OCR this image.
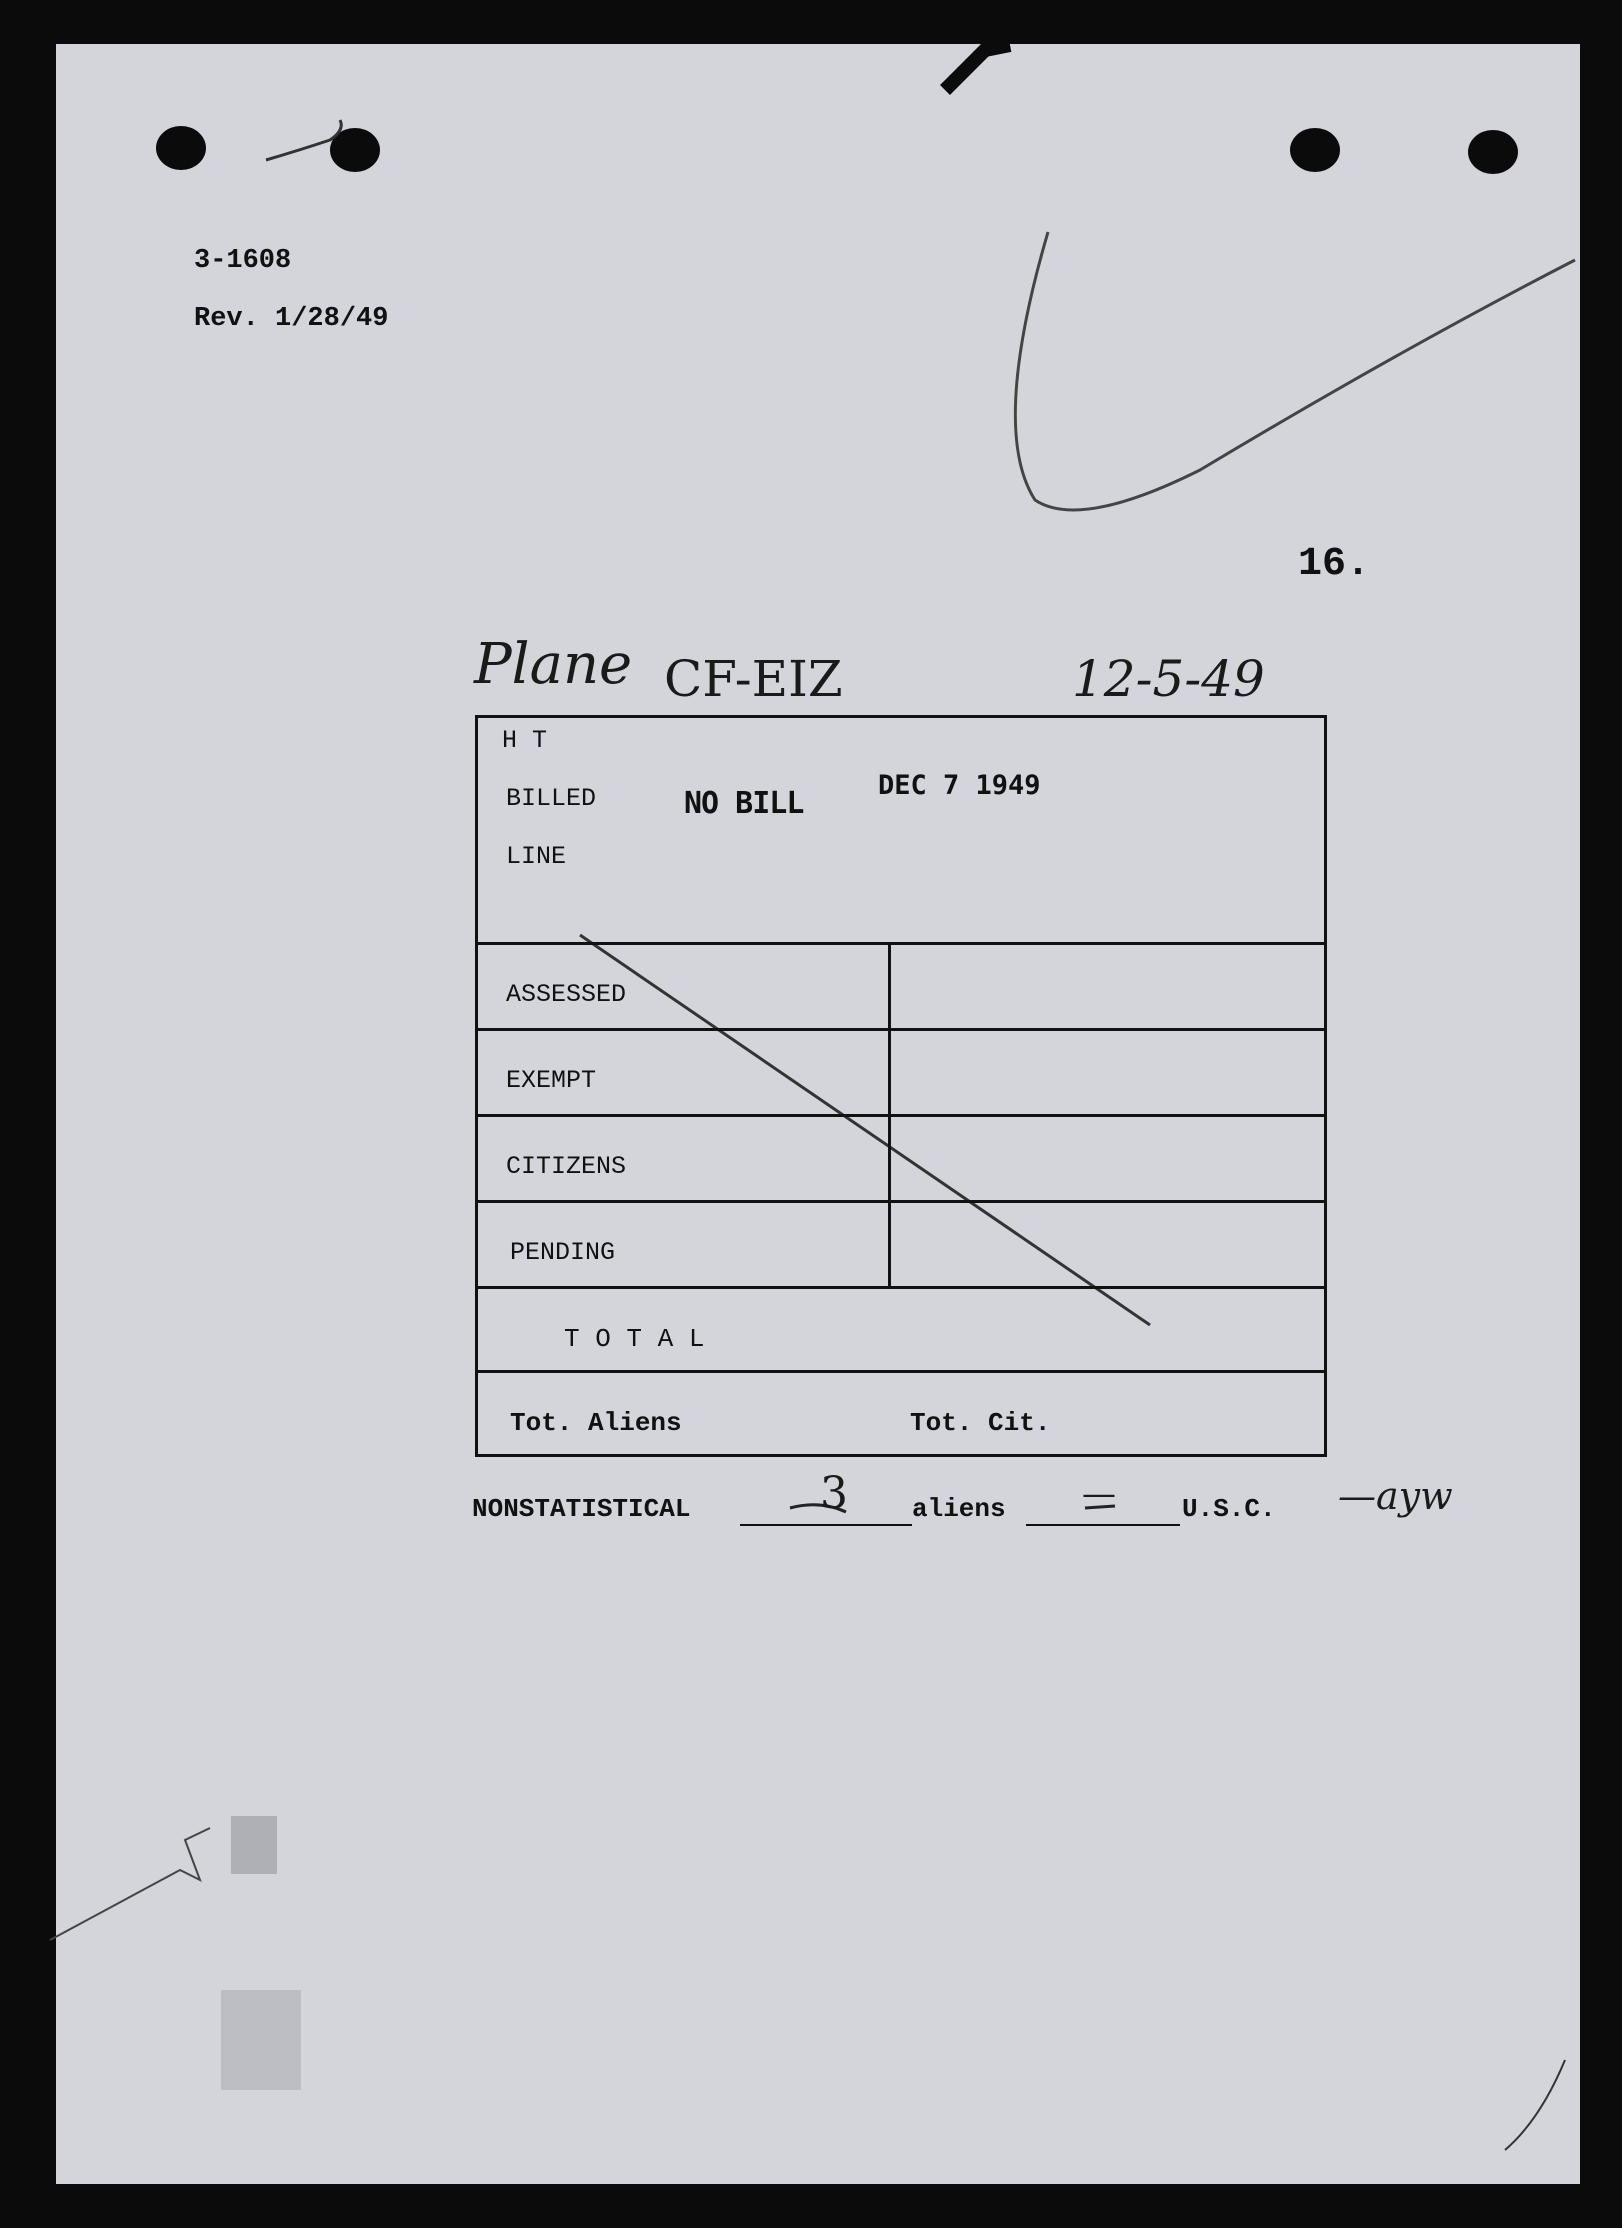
3-1608
Rev. 1/28/49
16.
Plane CF-EIZ	12-5-49
H T
BILLED
LINE
NO BILL
DEC 7 1949
ASSESSED
EXEMPT
CITIZENS
PENDING
T O T A L
Tot. Aliens	Tot. Cit.
NONSTATISTICAL	3 aliens —	U.S.C. —ayw
